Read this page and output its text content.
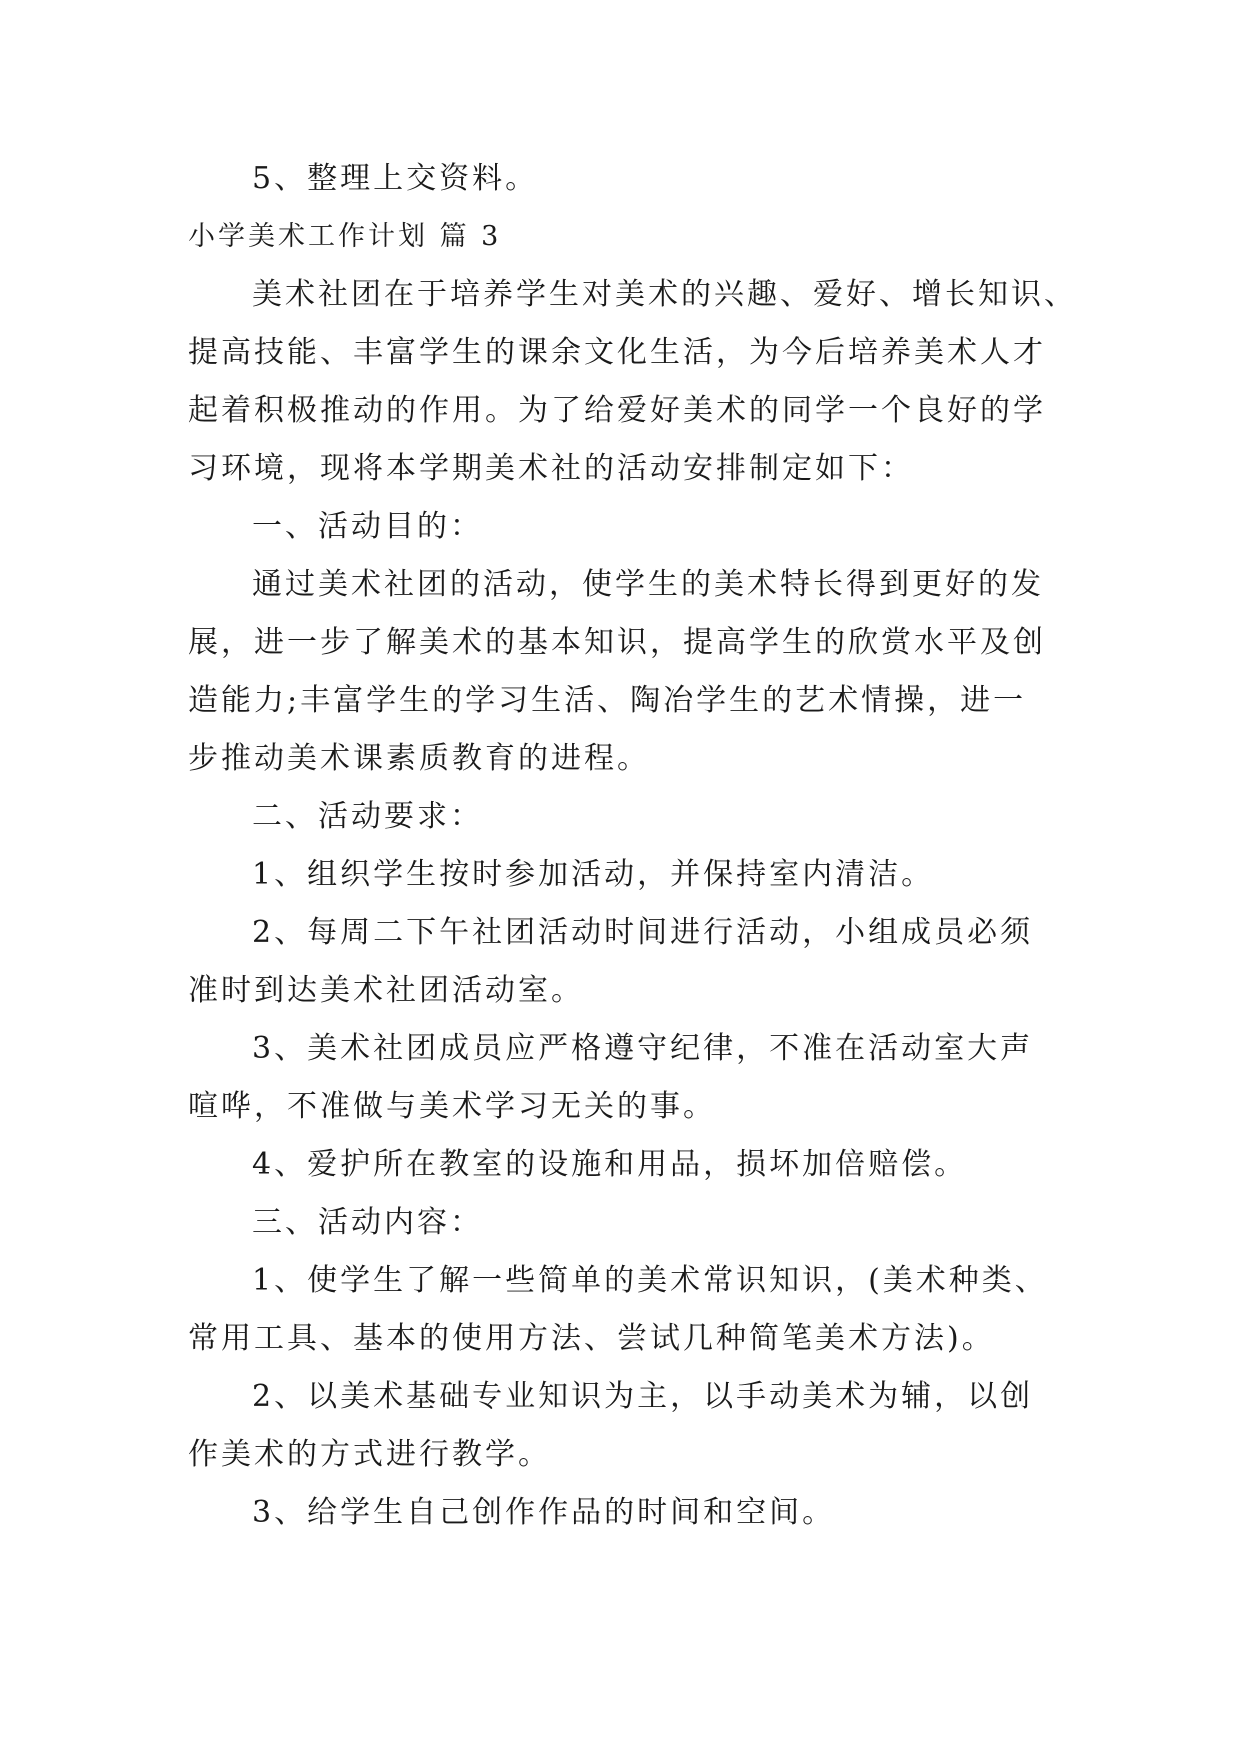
5、整理上交资料。
小学美术工作计划 篇 3
美术社团在于培养学生对美术的兴趣、爱好、增长知识、
提高技能、丰富学生的课余文化生活，为今后培养美术人才
起着积极推动的作用。为了给爱好美术的同学一个良好的学
习环境，现将本学期美术社的活动安排制定如下：
一、活动目的：
通过美术社团的活动，使学生的美术特长得到更好的发
展，进一步了解美术的基本知识，提高学生的欣赏水平及创
造能力;丰富学生的学习生活、陶冶学生的艺术情操，进一
步推动美术课素质教育的进程。
二、活动要求：
1、组织学生按时参加活动，并保持室内清洁。
2、每周二下午社团活动时间进行活动，小组成员必须
准时到达美术社团活动室。
3、美术社团成员应严格遵守纪律，不准在活动室大声
喧哗，不准做与美术学习无关的事。
4、爱护所在教室的设施和用品，损坏加倍赔偿。
三、活动内容：
1、使学生了解一些简单的美术常识知识，(美术种类、
常用工具、基本的使用方法、尝试几种简笔美术方法)。
2、以美术基础专业知识为主，以手动美术为辅，以创
作美术的方式进行教学。
3、给学生自己创作作品的时间和空间。
